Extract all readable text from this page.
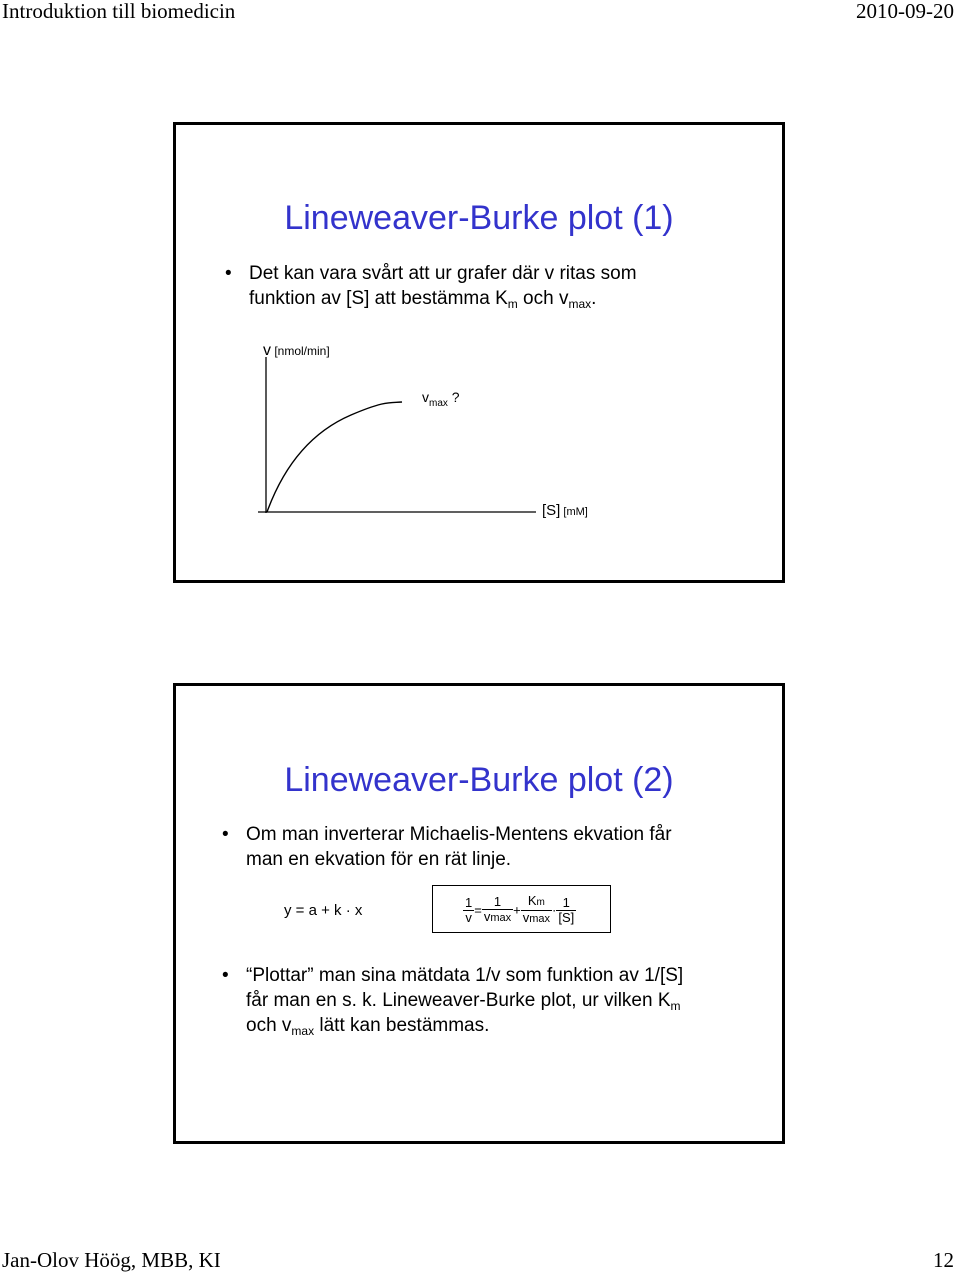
Introduktion till biomedicin	2010-09-20
Lineweaver-Burke plot (1)
• Det kan vara svårt att ur grafer där v ritas som
funktion av [S] att bestämma $K_m$ och $v_{max}$.
v [nmol/min]
$v_{max}$ ?
[S] [mM]
Lineweaver-Burke plot (2)
• Om man inverterar Michaelis-Mentens ekvation får
man en ekvation för en rät linje.
y = a + k · x	$\frac{1}{v} = \frac{1}{vmax} + \frac{Km}{vmax} \cdot \frac{1}{[S]}$
• “Plottar” man sina mätdata 1/v som funktion av 1/[S]
får man en s. k. Lineweaver-Burke plot, ur vilken $K_m$
och $v_{max}$ lätt kan bestämmas.
Jan-Olov Höög, MBB, KI	12
